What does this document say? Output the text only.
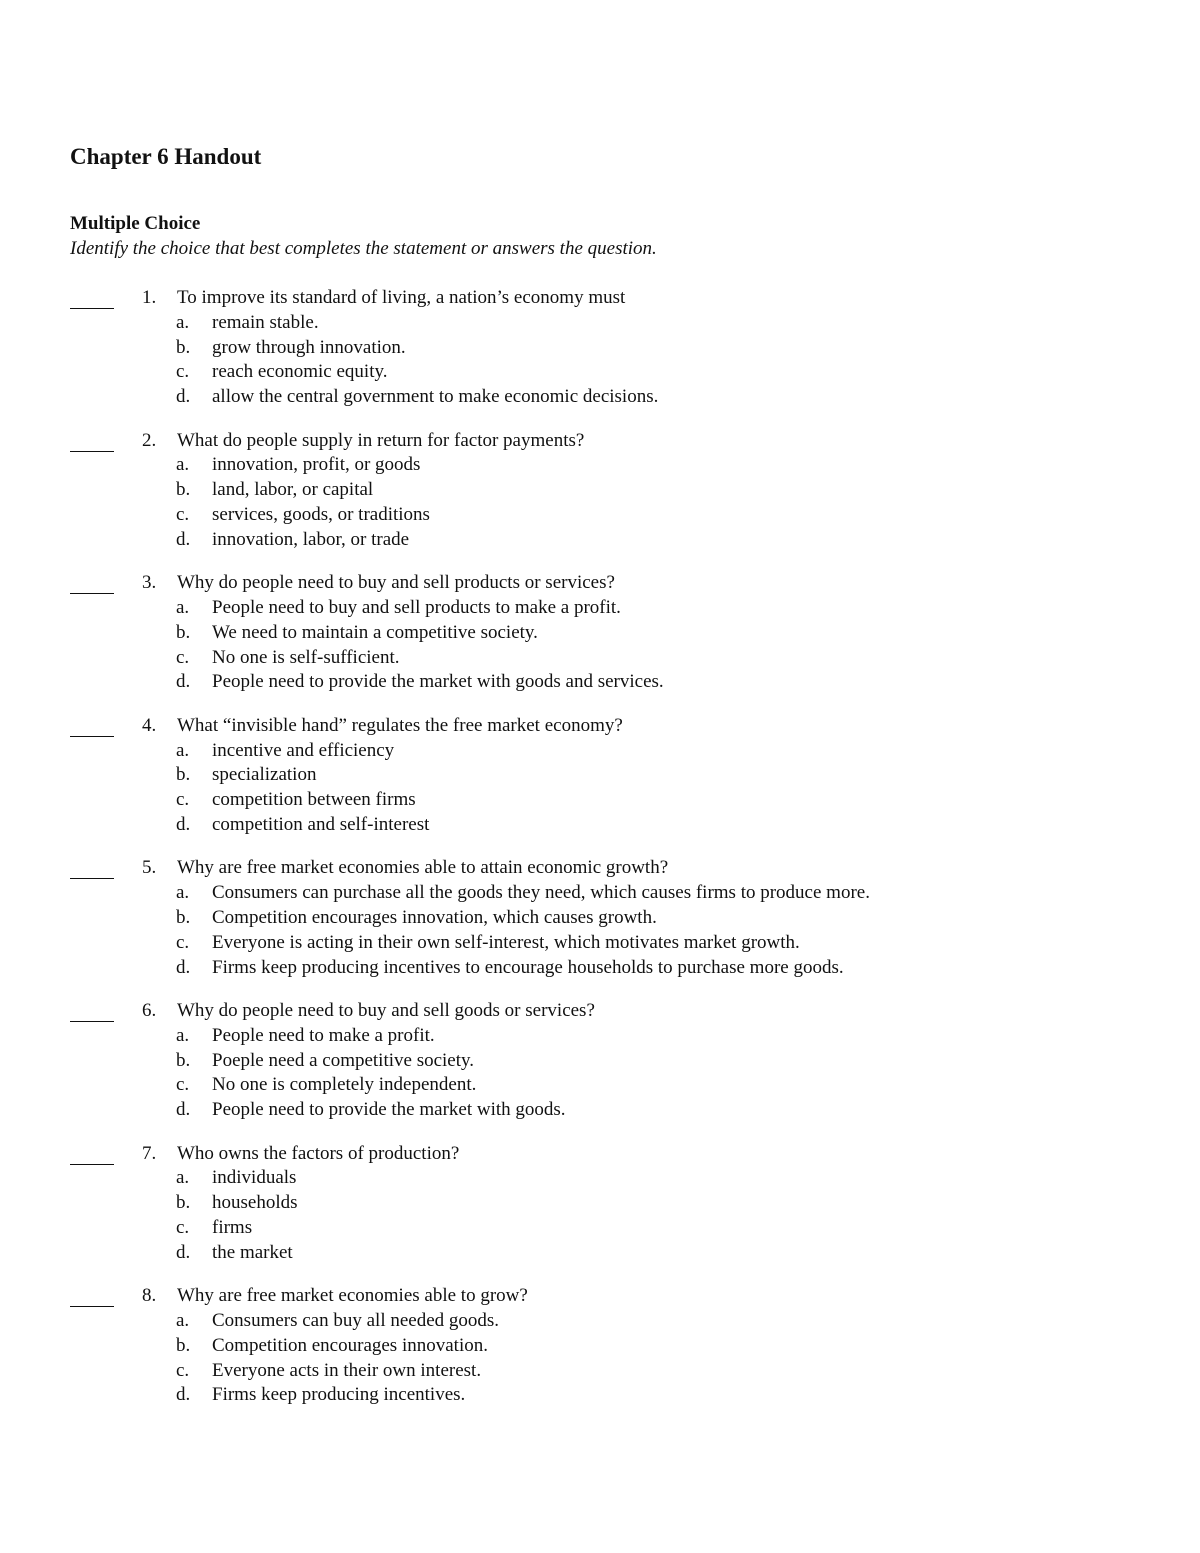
Chapter 6 Handout
Multiple Choice
Identify the choice that best completes the statement or answers the question.
1. To improve its standard of living, a nation’s economy must
a. remain stable.
b. grow through innovation.
c. reach economic equity.
d. allow the central government to make economic decisions.
2. What do people supply in return for factor payments?
a. innovation, profit, or goods
b. land, labor, or capital
c. services, goods, or traditions
d. innovation, labor, or trade
3. Why do people need to buy and sell products or services?
a. People need to buy and sell products to make a profit.
b. We need to maintain a competitive society.
c. No one is self-sufficient.
d. People need to provide the market with goods and services.
4. What “invisible hand” regulates the free market economy?
a. incentive and efficiency
b. specialization
c. competition between firms
d. competition and self-interest
5. Why are free market economies able to attain economic growth?
a. Consumers can purchase all the goods they need, which causes firms to produce more.
b. Competition encourages innovation, which causes growth.
c. Everyone is acting in their own self-interest, which motivates market growth.
d. Firms keep producing incentives to encourage households to purchase more goods.
6. Why do people need to buy and sell goods or services?
a. People need to make a profit.
b. Poeple need a competitive society.
c. No one is completely independent.
d. People need to provide the market with goods.
7. Who owns the factors of production?
a. individuals
b. households
c. firms
d. the market
8. Why are free market economies able to grow?
a. Consumers can buy all needed goods.
b. Competition encourages innovation.
c. Everyone acts in their own interest.
d. Firms keep producing incentives.
